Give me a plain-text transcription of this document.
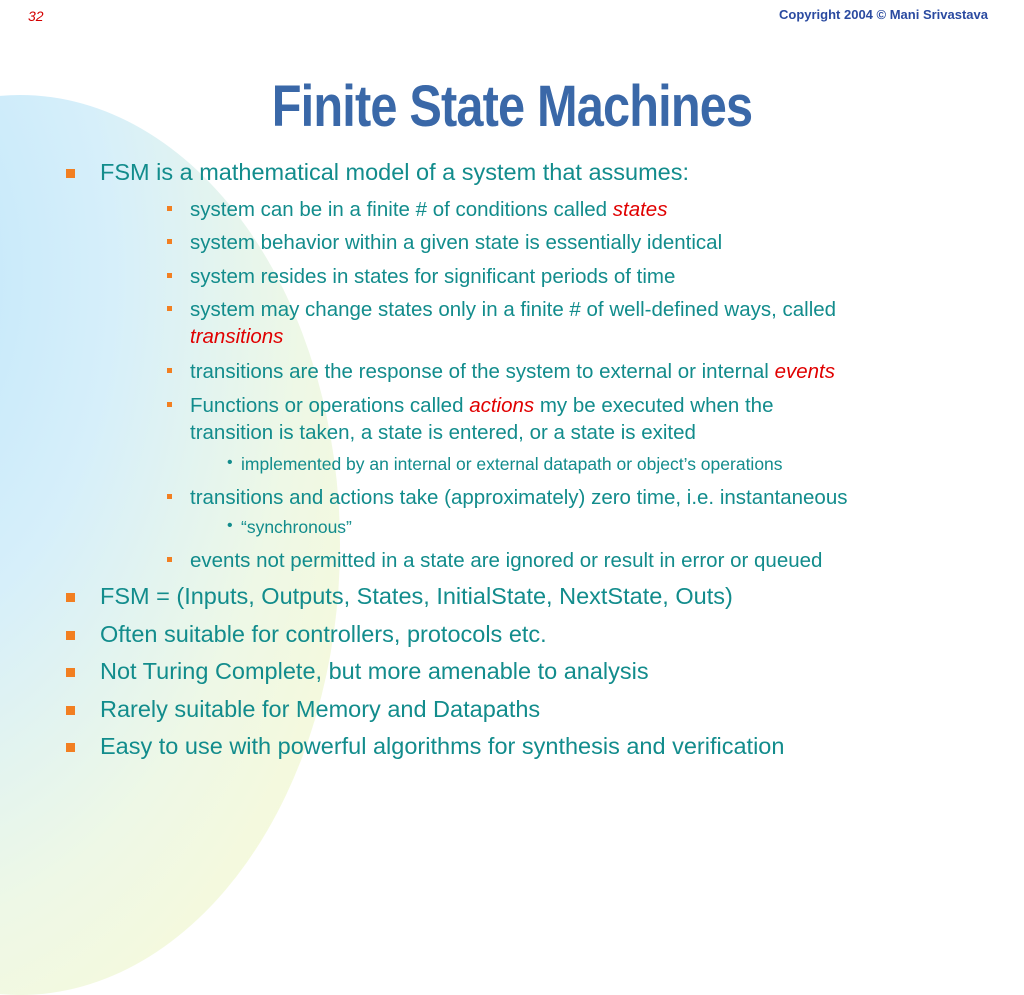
32	Copyright 2004 © Mani Srivastava
Finite State Machines
FSM is a mathematical model of a system that assumes:
system can be in a finite # of conditions called states
system behavior within a given state is essentially identical
system resides in states for significant periods of time
system may change states only in a finite # of well-defined ways, called
transitions
transitions are the response of the system to external or internal events
Functions or operations called actions my be executed when the
transition is taken, a state is entered, or a state is exited
• implemented by an internal or external datapath or object’s operations
transitions and actions take (approximately) zero time, i.e. instantaneous
• “synchronous”
events not permitted in a state are ignored or result in error or queued
FSM = (Inputs, Outputs, States, InitialState, NextState, Outs)
Often suitable for controllers, protocols etc.
Not Turing Complete, but more amenable to analysis
Rarely suitable for Memory and Datapaths
Easy to use with powerful algorithms for synthesis and verification
